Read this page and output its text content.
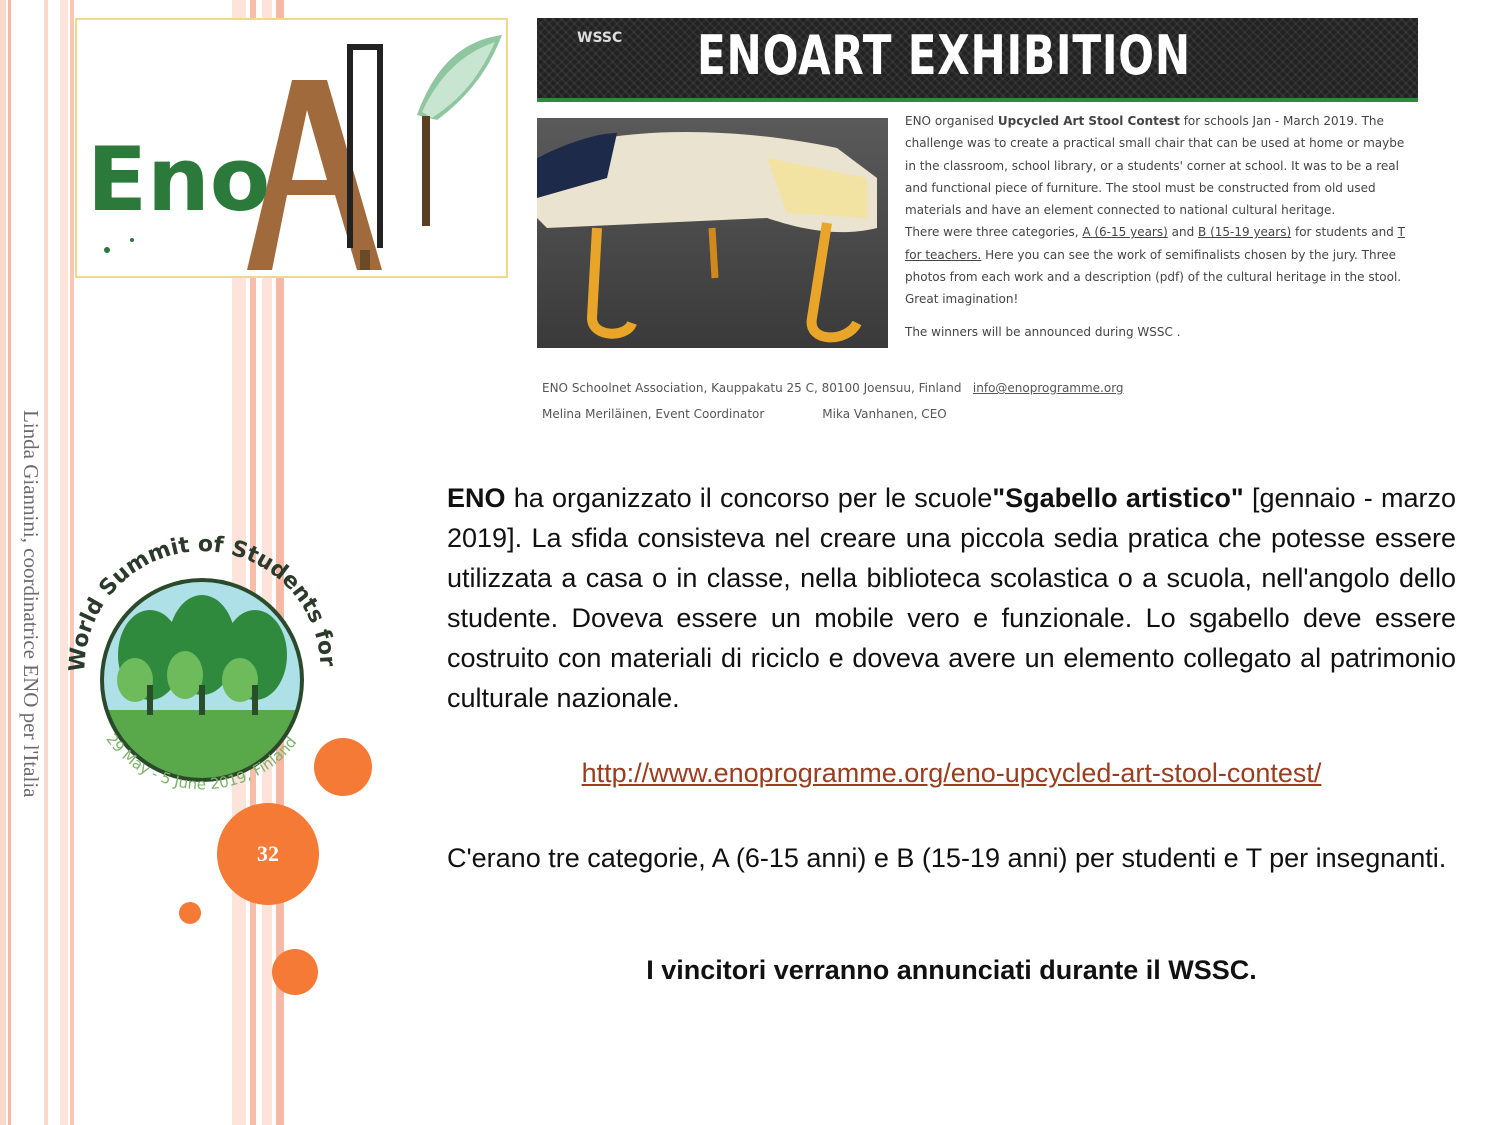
Eno
WSSC ENOART EXHIBITION

ENO organised Upcycled Art Stool Contest for schools Jan - March 2019. The challenge was to create a practical small chair that can be used at home or maybe in the classroom, school library, or a students' corner at school. It was to be a real and functional piece of furniture. The stool must be constructed from old used materials and have an element connected to national cultural heritage.

There were three categories, A (6-15 years) and B (15-19 years) for students and T for teachers. Here you can see the work of semifinalists chosen by the jury. Three photos from each work and a description (pdf) of the cultural heritage in the stool. Great imagination!

The winners will be announced during WSSC .

ENO Schoolnet Association, Kauppakatu 25 C, 80100 Joensuu, Finland info@enoprogramme.org
Melina Meriläinen, Event Coordinator	Mika Vanhanen, CEO
Linda Giannini, coordinatrice ENO per l'Italia	World Summit of Students for
29 May - 5 June 2019, Finland
32
ENO ha organizzato il concorso per le scuole"Sgabello artistico" [gennaio - marzo 2019]. La sfida consisteva nel creare una piccola sedia pratica che potesse essere utilizzata a casa o in classe, nella biblioteca scolastica o a scuola, nell'angolo dello studente. Doveva essere un mobile vero e funzionale. Lo sgabello deve essere costruito con materiali di riciclo e doveva avere un elemento collegato al patrimonio culturale nazionale.
http://www.enoprogramme.org/eno-upcycled-art-stool-contest/
C'erano tre categorie, A (6-15 anni) e B (15-19 anni) per studenti e T per insegnanti.
I vincitori verranno annunciati durante il WSSC.
